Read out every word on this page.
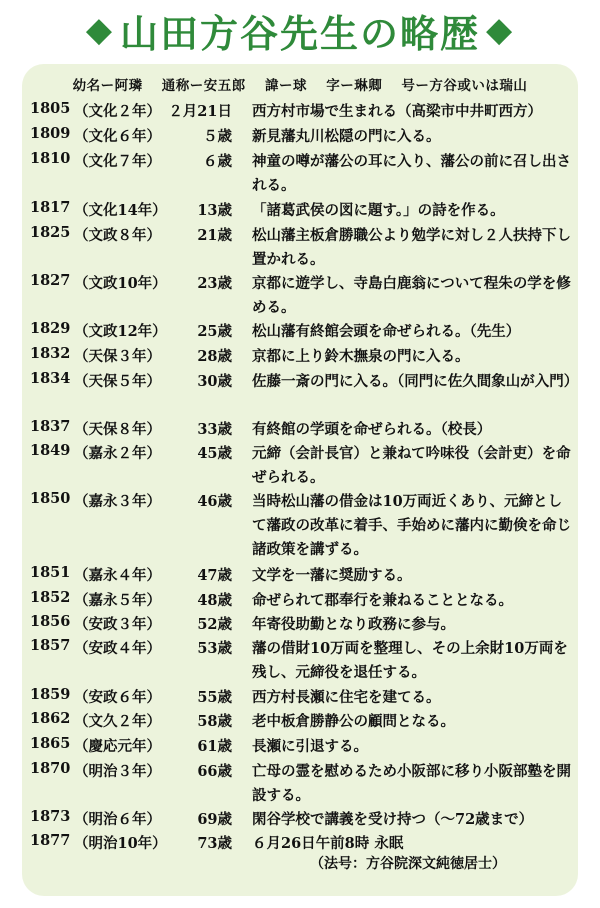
◆ 山田方谷先生の略歴 ◆
幼名ー阿璘 通称ー安五郎 諱ー球 字ー琳卿 号ー方谷或いは瑞山
1805 （文化２年） ２月21日 西方村市場で生まれる（高梁市中井町西方）
1809 （文化６年）	５歳 新見藩丸川松隠の門に入る。
1810 （文化７年）	６歳 神童の噂が藩公の耳に入り、藩公の前に召し出される。
1817 （文化14年）	13歳 「諸葛武侯の図に題す。」の詩を作る。
1825 （文政８年）	21歳 松山藩主板倉勝職公より勉学に対し２人扶持下し置かれる。
1827 （文政10年）	23歳 京都に遊学し、寺島白鹿翁について程朱の学を修める。
1829 （文政12年）	25歳 松山藩有終館会頭を命ぜられる。（先生）
1832 （天保３年）	28歳 京都に上り鈴木撫泉の門に入る。
1834 （天保５年）	30歳 佐藤一斎の門に入る。（同門に佐久間象山が入門）
1837 （天保８年）	33歳 有終館の学頭を命ぜられる。（校長）
1849 （嘉永２年）	45歳 元締（会計長官）と兼ねて吟味役（会計吏）を命ぜられる。
1850 （嘉永３年）	46歳 当時松山藩の借金は10万両近くあり、元締として藩政の改革に着手、手始めに藩内に勤倹を命じ諸政策を講ずる。
1851 （嘉永４年）	47歳 文学を一藩に奨励する。
1852 （嘉永５年）	48歳 命ぜられて郡奉行を兼ねることとなる。
1856 （安政３年）	52歳 年寄役助勤となり政務に参与。
1857 （安政４年）	53歳 藩の借財10万両を整理し、その上余財10万両を残し、元締役を退任する。
1859 （安政６年）	55歳 西方村長瀬に住宅を建てる。
1862 （文久２年）	58歳 老中板倉勝静公の顧問となる。
1865 （慶応元年）	61歳 長瀬に引退する。
1870 （明治３年）	66歳 亡母の霊を慰めるため小阪部に移り小阪部塾を開設する。
1873 （明治６年）	69歳 閑谷学校で講義を受け持つ（～72歳まで）
1877 （明治10年）	73歳 ６月26日午前8時 永眠
（法号：方谷院深文純徳居士）
